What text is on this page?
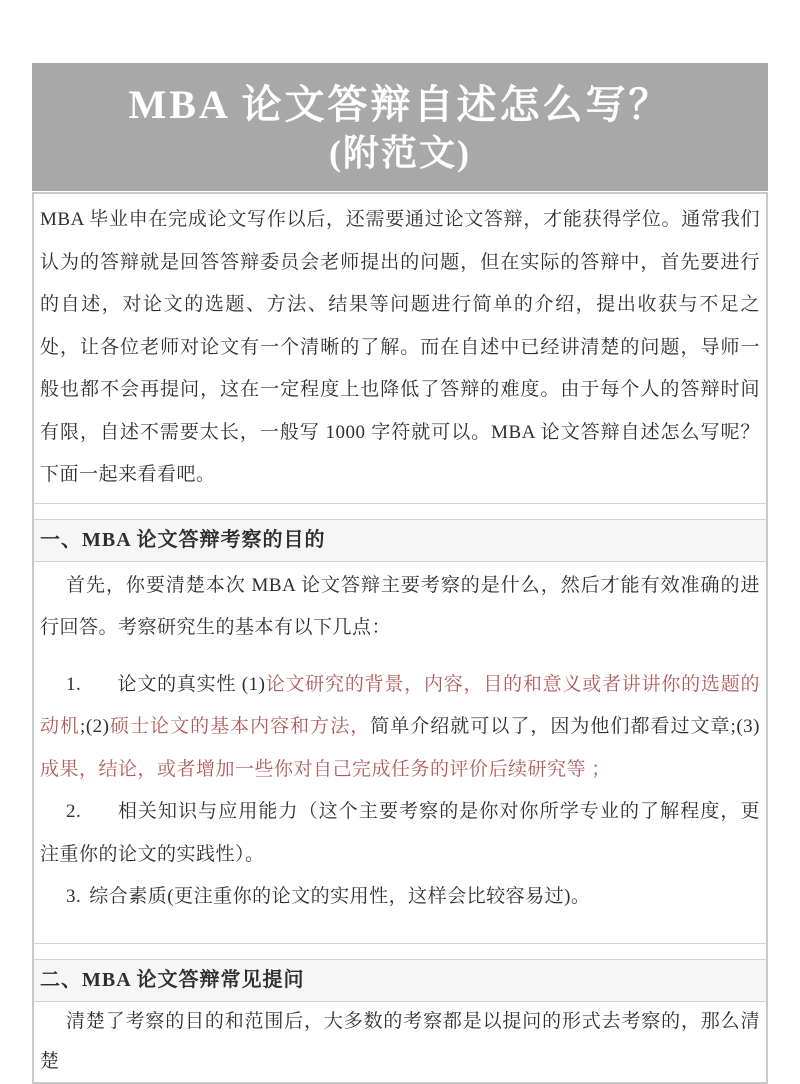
MBA 论文答辩自述怎么写？
(附范文)
MBA 毕业申在完成论文写作以后，还需要通过论文答辩，才能获得学位。通常我们认为的答辩就是回答答辩委员会老师提出的问题，但在实际的答辩中，首先要进行的自述，对论文的选题、方法、结果等问题进行简单的介绍，提出收获与不足之处，让各位老师对论文有一个清晰的了解。而在自述中已经讲清楚的问题，导师一般也都不会再提问，这在一定程度上也降低了答辩的难度。由于每个人的答辩时间有限，自述不需要太长，一般写 1000 字符就可以。MBA 论文答辩自述怎么写呢？下面一起来看看吧。
一、MBA 论文答辩考察的目的

首先，你要清楚本次 MBA 论文答辩主要考察的是什么，然后才能有效准确的进行回答。考察研究生的基本有以下几点：

1. 论文的真实性 (1)论文研究的背景，内容，目的和意义或者讲讲你的选题的动机;(2)硕士论文的基本内容和方法，简单介绍就可以了，因为他们都看过文章;(3)成果，结论，或者增加一些你对自己完成任务的评价后续研究等 ；

2. 相关知识与应用能力（这个主要考察的是你对你所学专业的了解程度，更注重你的论文的实践性）。

3. 综合素质(更注重你的论文的实用性，这样会比较容易过)。

二、MBA 论文答辩常见提问

清楚了考察的目的和范围后，大多数的考察都是以提问的形式去考察的，那么清楚
